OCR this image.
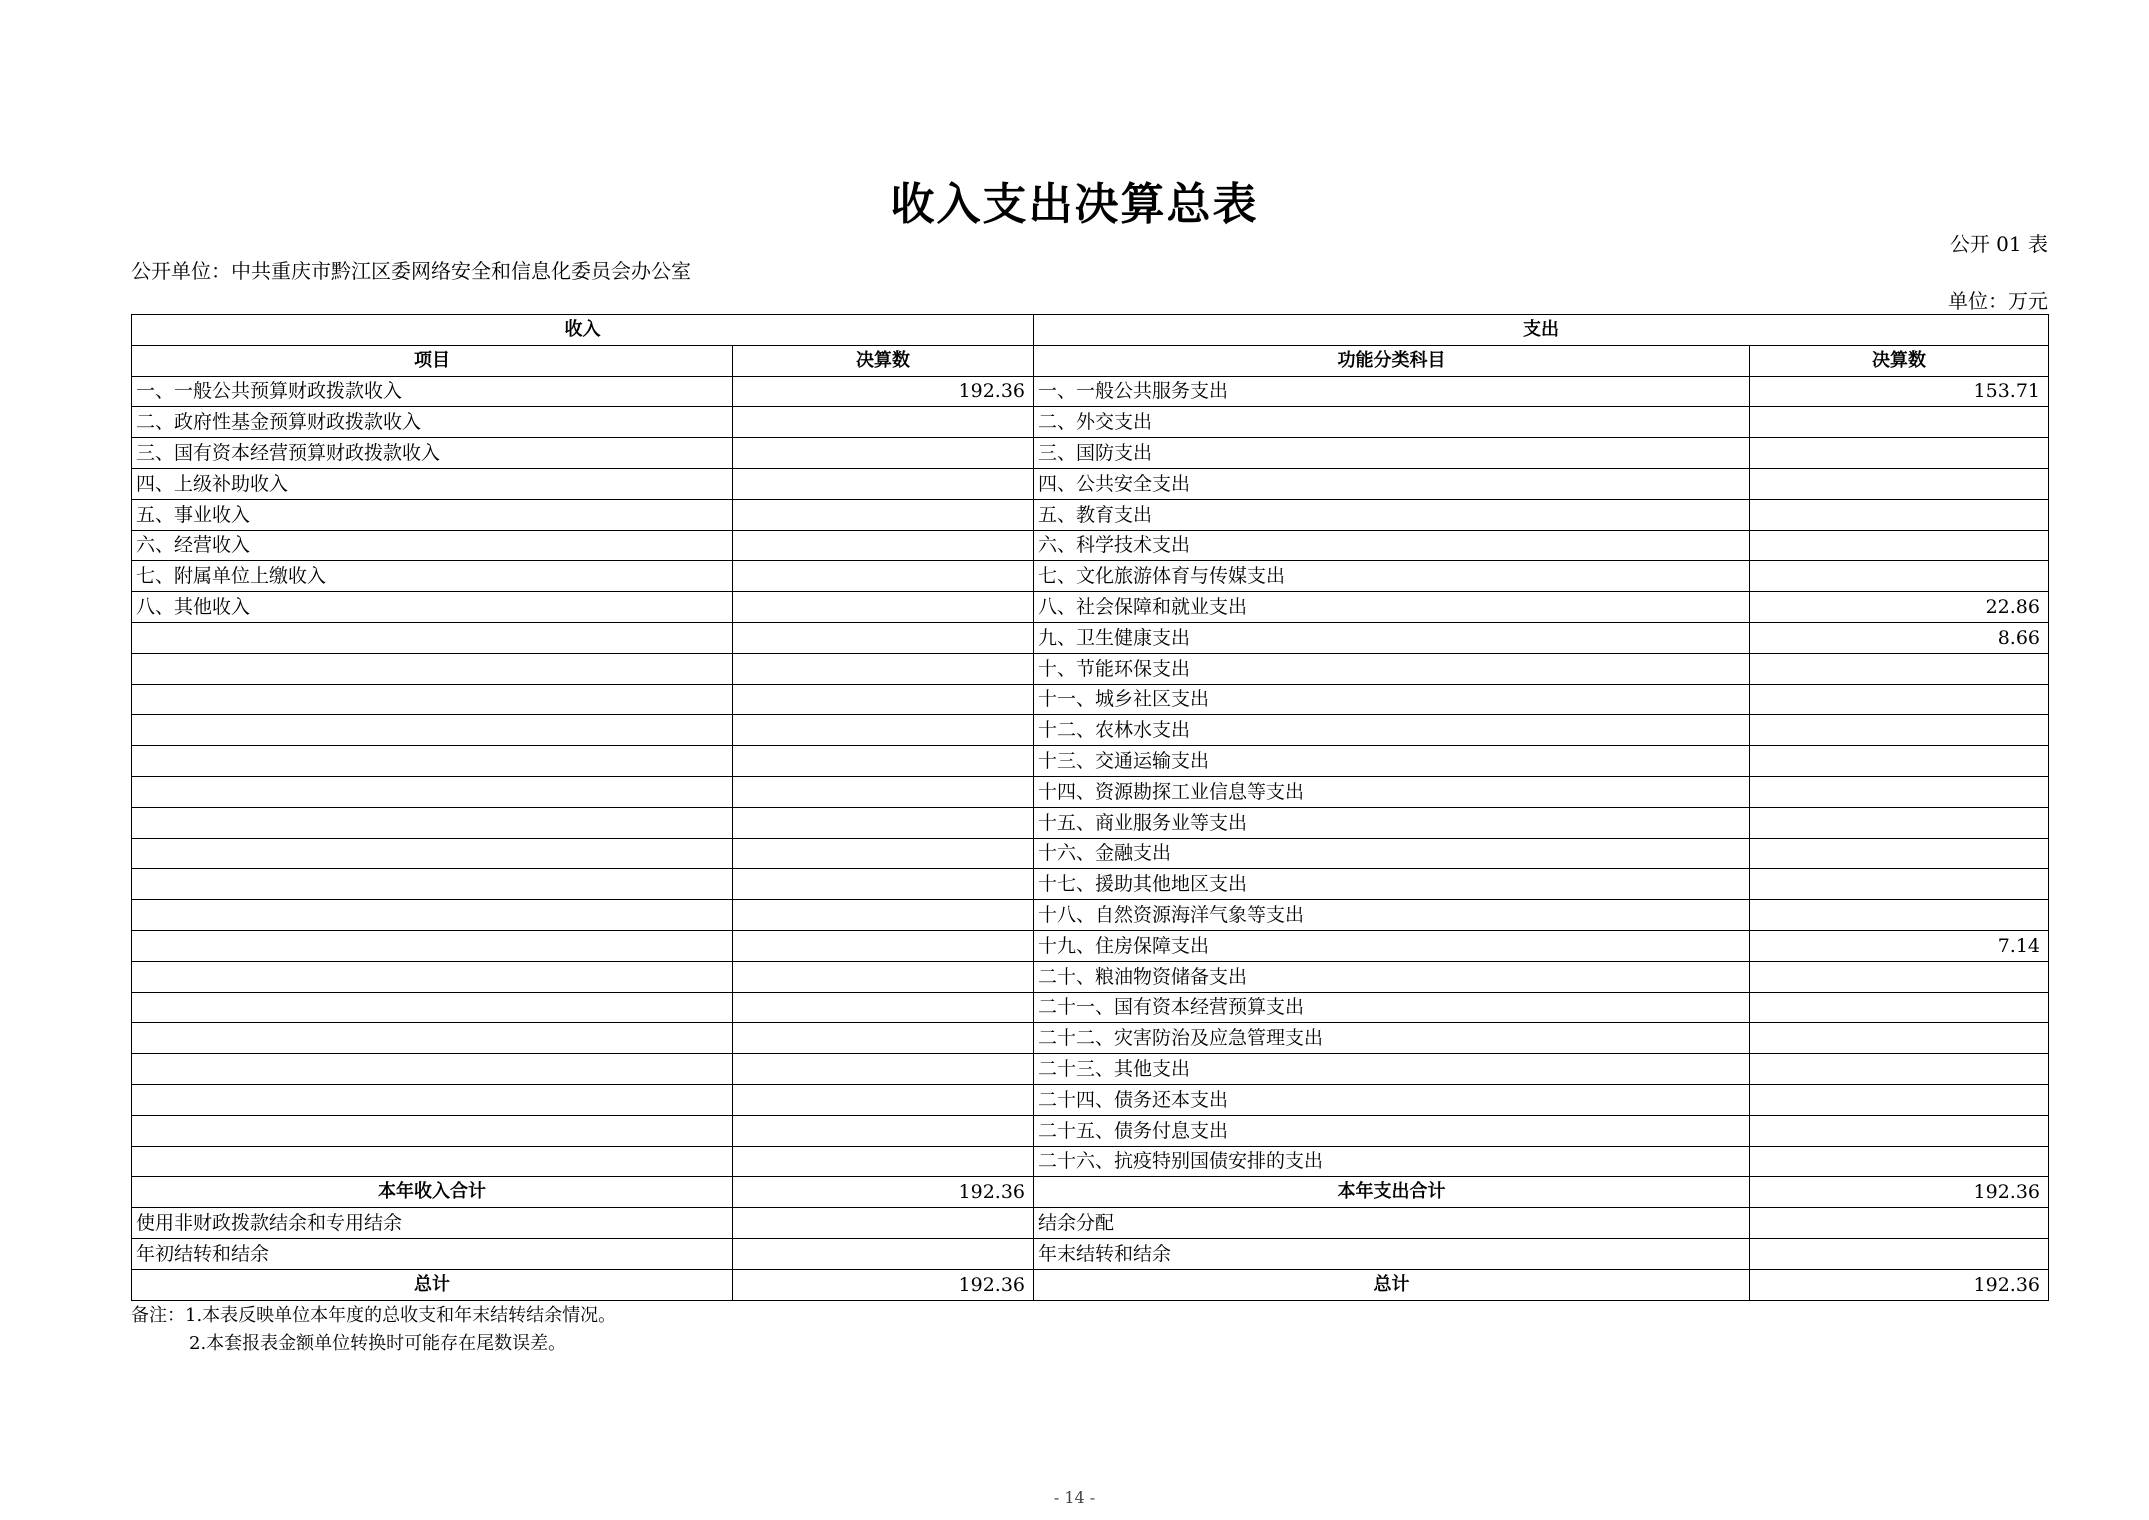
收入支出决算总表
公开 01 表
公开单位：中共重庆市黔江区委网络安全和信息化委员会办公室
单位：万元
收入		支出	
项目	决算数	功能分类科目	决算数
一、一般公共预算财政拨款收入	192.36	一、一般公共服务支出	153.71
二、政府性基金预算财政拨款收入		二、外交支出	
三、国有资本经营预算财政拨款收入		三、国防支出	
四、上级补助收入		四、公共安全支出	
五、事业收入		五、教育支出	
六、经营收入		六、科学技术支出	
七、附属单位上缴收入		七、文化旅游体育与传媒支出	
八、其他收入		八、社会保障和就业支出	22.86
		九、卫生健康支出	8.66
		十、节能环保支出	
		十一、城乡社区支出	
		十二、农林水支出	
		十三、交通运输支出	
		十四、资源勘探工业信息等支出	
		十五、商业服务业等支出	
		十六、金融支出	
		十七、援助其他地区支出	
		十八、自然资源海洋气象等支出	
		十九、住房保障支出	7.14
		二十、粮油物资储备支出	
		二十一、国有资本经营预算支出	
		二十二、灾害防治及应急管理支出	
		二十三、其他支出	
		二十四、债务还本支出	
		二十五、债务付息支出	
		二十六、抗疫特别国债安排的支出	
本年收入合计	192.36	本年支出合计	192.36
使用非财政拨款结余和专用结余		结余分配	
年初结转和结余		年末结转和结余	
总计	192.36	总计	192.36
备注：1.本表反映单位本年度的总收支和年末结转结余情况。
2.本套报表金额单位转换时可能存在尾数误差。
- 14 -
